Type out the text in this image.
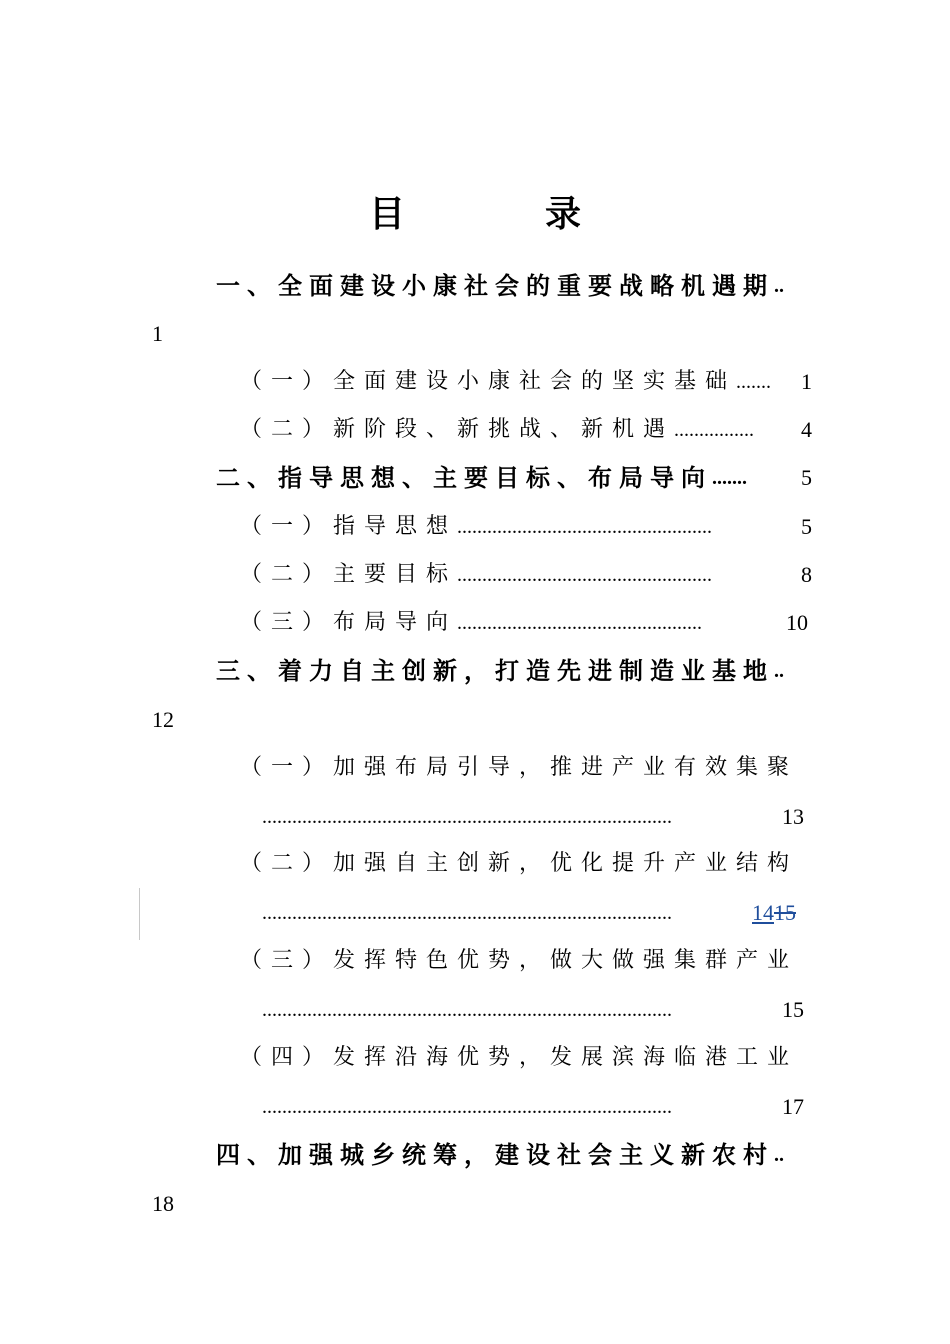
目　录
一、全面建设小康社会的重要战略机遇期..
1
（一）全面建设小康社会的坚实基础....... 1
（二）新阶段、新挑战、新机遇................ 4
二、指导思想、主要目标、布局导向....... 5
（一）指导思想...................................................	5
（二）主要目标...................................................	8
（三）布局导向.................................................	10
三、着力自主创新，打造先进制造业基地..
12
（一）加强布局引导，推进产业有效集聚
..................................................................................	13
（二）加强自主创新，优化提升产业结构
..................................................................................	1415
（三）发挥特色优势，做大做强集群产业
..................................................................................	15
（四）发挥沿海优势，发展滨海临港工业
..................................................................................	17
四、加强城乡统筹，建设社会主义新农村..
18
